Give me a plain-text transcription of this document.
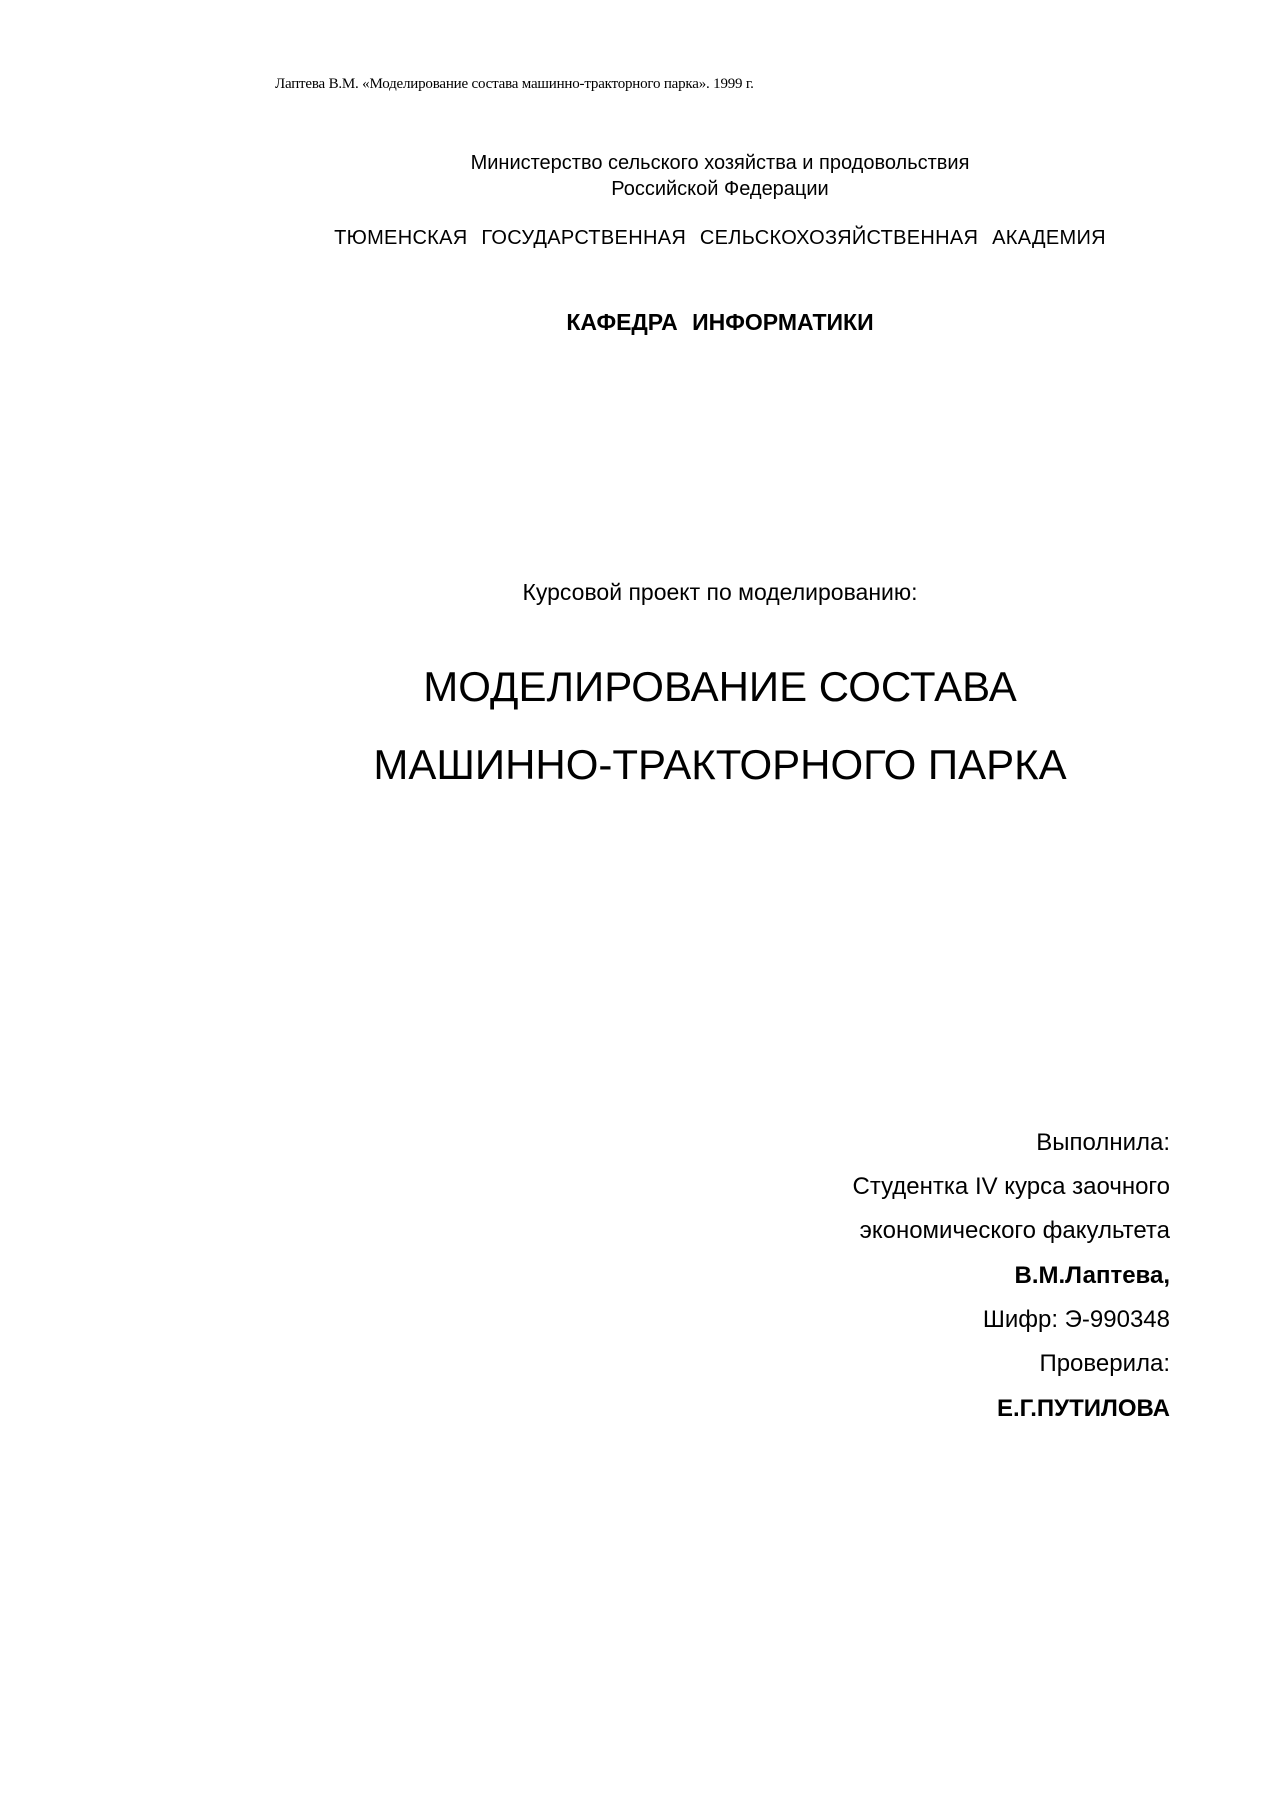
Лаптева В.М. «Моделирование состава машинно-тракторного парка». 1999 г.
Министерство сельского хозяйства и продовольствия
Российской Федерации
ТЮМЕНСКАЯ ГОСУДАРСТВЕННАЯ СЕЛЬСКОХОЗЯЙСТВЕННАЯ АКАДЕМИЯ
КАФЕДРА ИНФОРМАТИКИ
Курсовой проект по моделированию:
МОДЕЛИРОВАНИЕ СОСТАВА
МАШИННО-ТРАКТОРНОГО ПАРКА
Выполнила:
Студентка IV курса заочного
экономического факультета
В.М.Лаптева,
Шифр: Э-990348
Проверила:
Е.Г.ПУТИЛОВА
